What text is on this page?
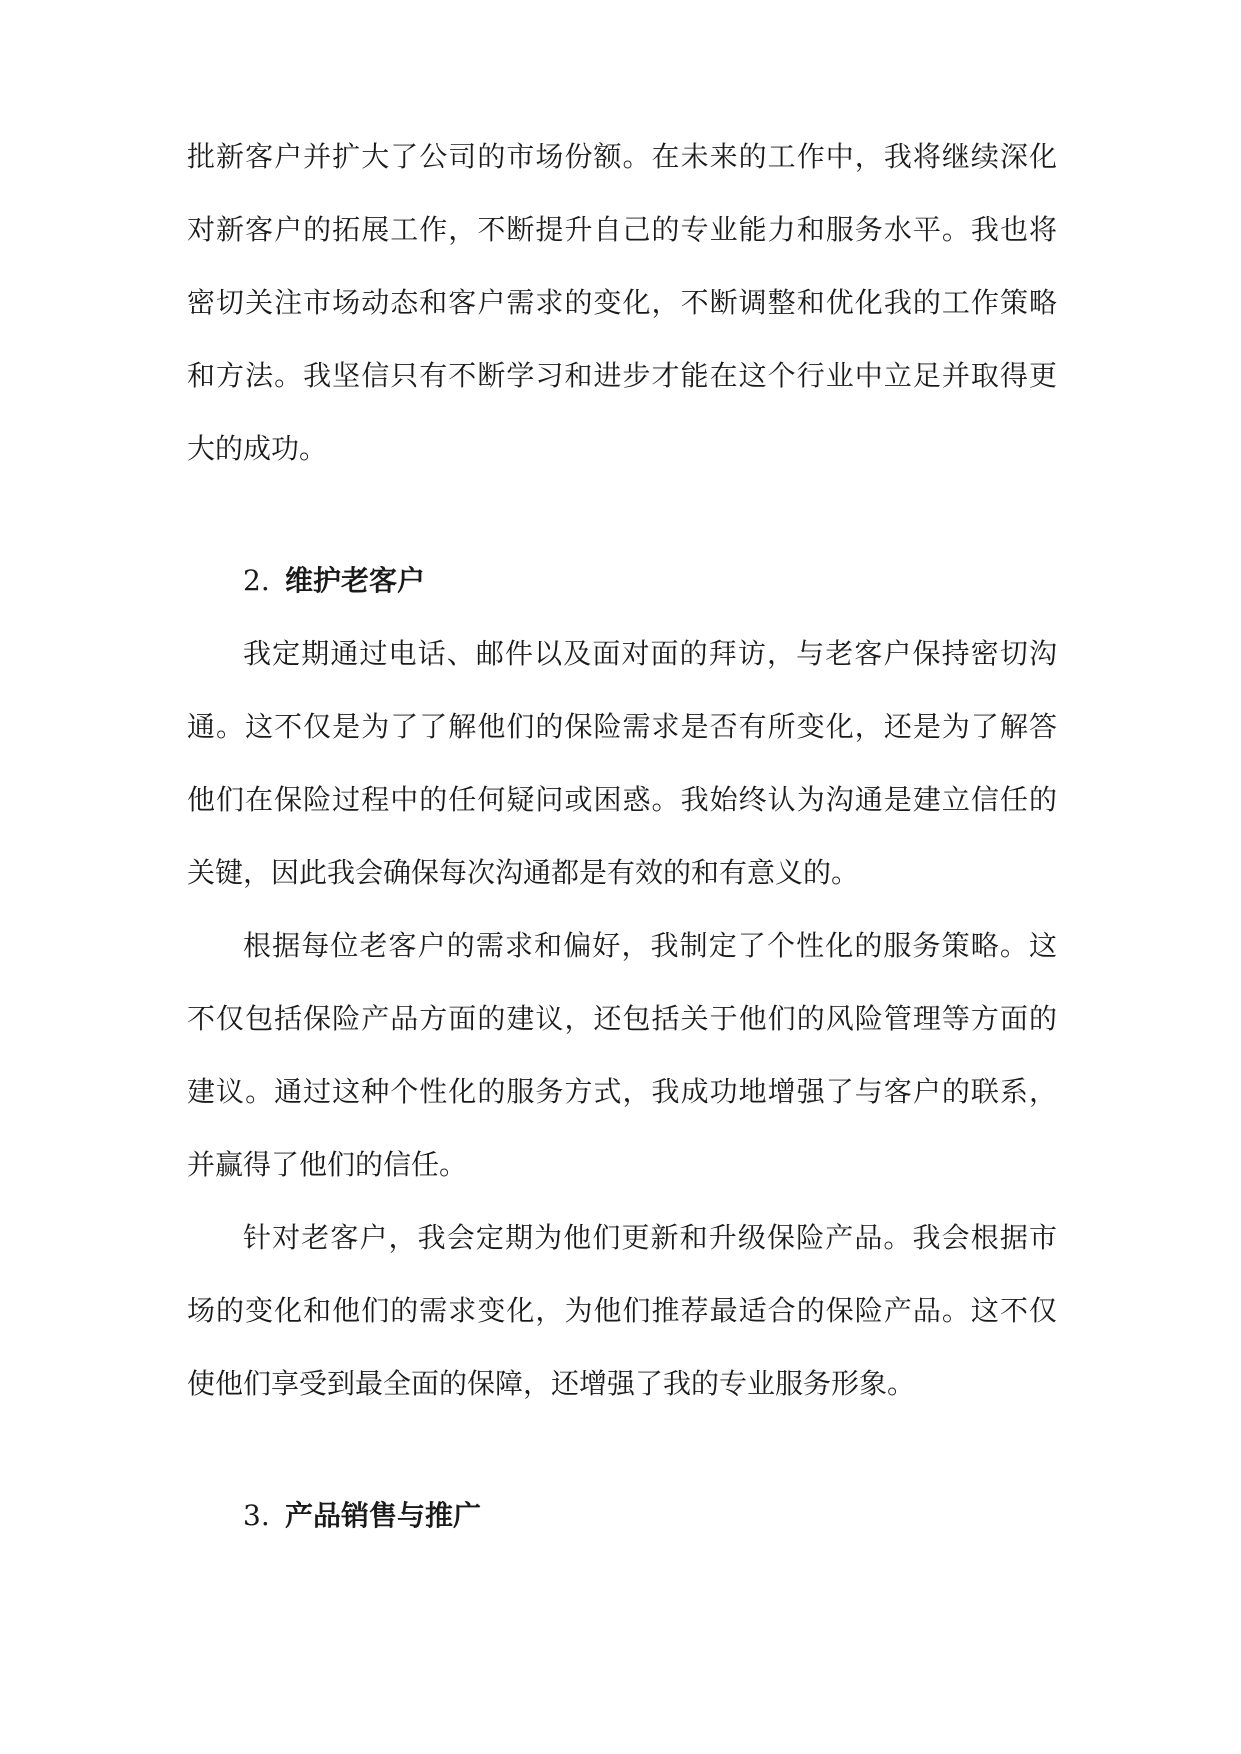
批新客户并扩大了公司的市场份额。在未来的工作中，我将继续深化

对新客户的拓展工作，不断提升自己的专业能力和服务水平。我也将

密切关注市场动态和客户需求的变化，不断调整和优化我的工作策略

和方法。我坚信只有不断学习和进步才能在这个行业中立足并取得更

大的成功。

2. 维护老客户

我定期通过电话、邮件以及面对面的拜访，与老客户保持密切沟

通。这不仅是为了了解他们的保险需求是否有所变化，还是为了解答

他们在保险过程中的任何疑问或困惑。我始终认为沟通是建立信任的

关键，因此我会确保每次沟通都是有效的和有意义的。

根据每位老客户的需求和偏好，我制定了个性化的服务策略。这

不仅包括保险产品方面的建议，还包括关于他们的风险管理等方面的

建议。通过这种个性化的服务方式，我成功地增强了与客户的联系，

并赢得了他们的信任。

针对老客户，我会定期为他们更新和升级保险产品。我会根据市

场的变化和他们的需求变化，为他们推荐最适合的保险产品。这不仅

使他们享受到最全面的保障，还增强了我的专业服务形象。

3. 产品销售与推广
